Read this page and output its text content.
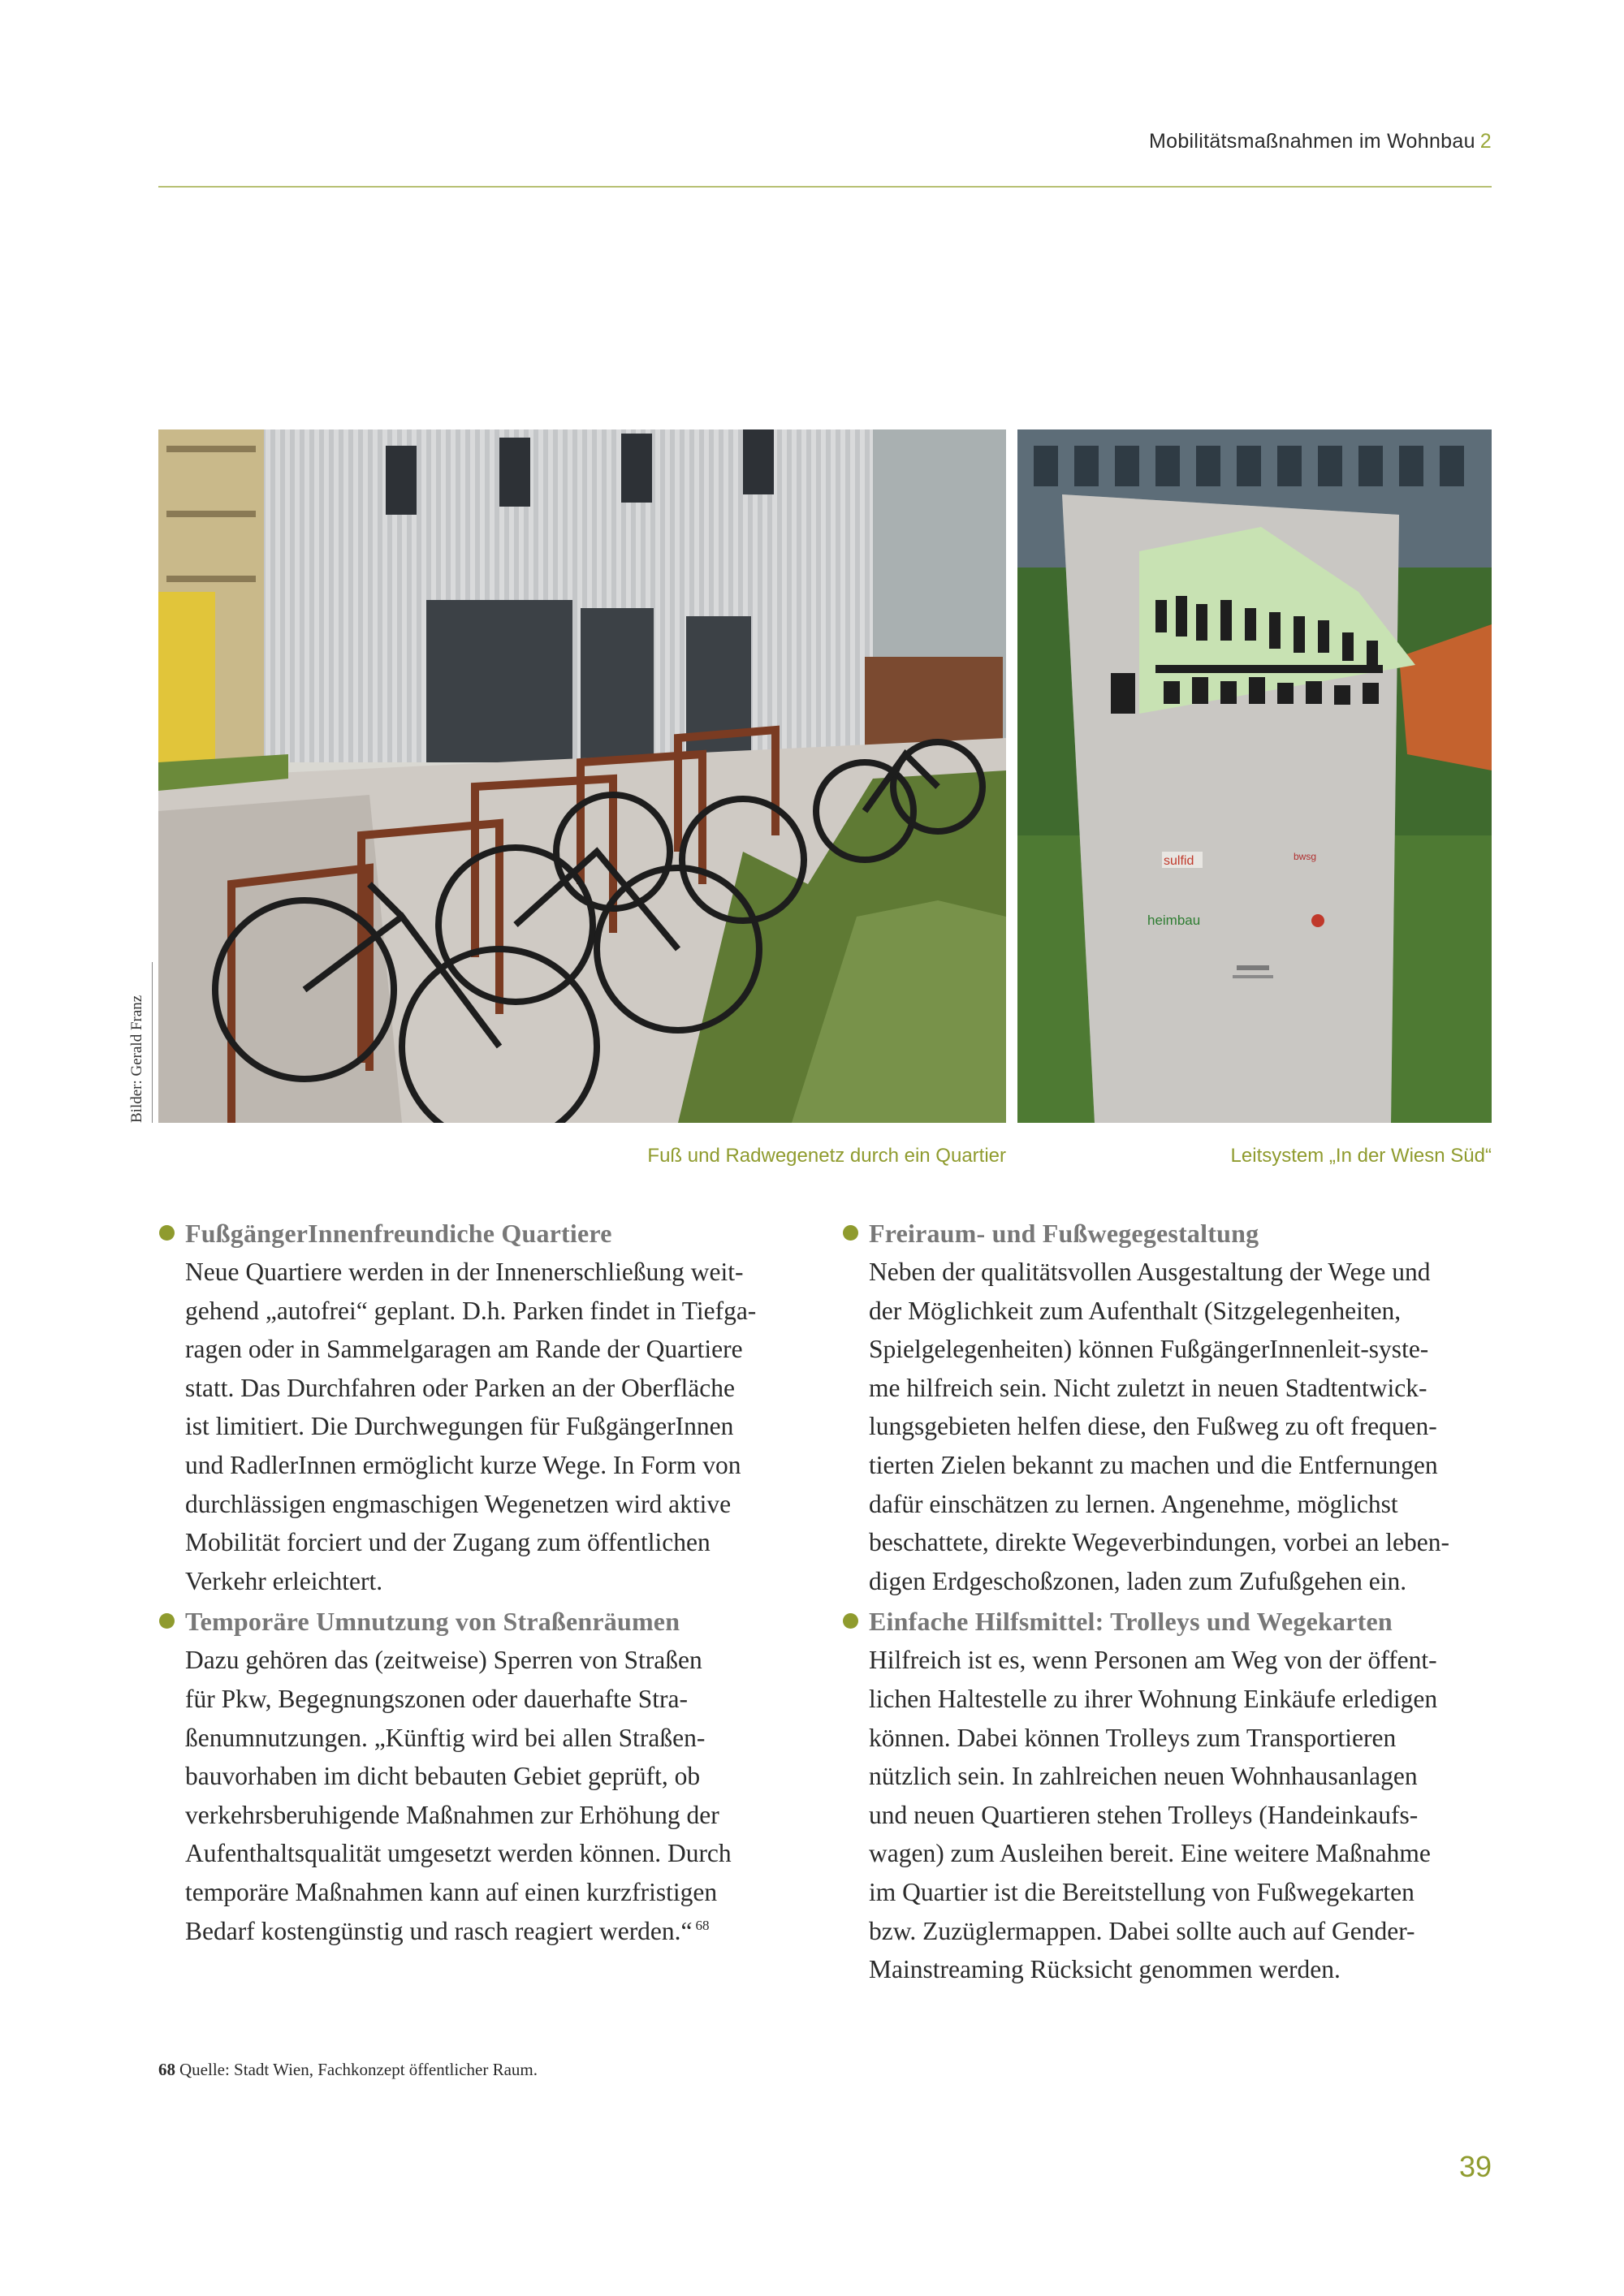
Mobilitätsmaßnahmen im Wohnbau 2
sulfid
heimbau
bwsg
Bilder: Gerald Franz
Fuß und Radwegenetz durch ein Quartier	Leitsystem „In der Wiesn Süd“
FußgängerInnenfreundiche Quartiere

Neue Quartiere werden in der Innenerschließung weit-
gehend „autofrei“ geplant. D.h. Parken findet in Tiefga-
ragen oder in Sammelgaragen am Rande der Quartiere
statt. Das Durchfahren oder Parken an der Oberfläche
ist limitiert. Die Durchwegungen für FußgängerInnen
und RadlerInnen ermöglicht kurze Wege. In Form von
durchlässigen engmaschigen Wegenetzen wird aktive
Mobilität forciert und der Zugang zum öffentlichen
Verkehr erleichtert.

Temporäre Umnutzung von Straßenräumen

Dazu gehören das (zeitweise) Sperren von Straßen
für Pkw, Begegnungszonen oder dauerhafte Stra-
ßenumnutzungen. „Künftig wird bei allen Straßen-
bauvorhaben im dicht bebauten Gebiet geprüft, ob
verkehrsberuhigende Maßnahmen zur Erhöhung der
Aufenthaltsqualität umgesetzt werden können. Durch
temporäre Maßnahmen kann auf einen kurzfristigen
Bedarf kostengünstig und rasch reagiert werden.“ $^{68}$

Freiraum- und Fußwegegestaltung

Neben der qualitätsvollen Ausgestaltung der Wege und
der Möglichkeit zum Aufenthalt (Sitzgelegenheiten,
Spielgelegenheiten) können FußgängerInnenleit-syste-
me hilfreich sein. Nicht zuletzt in neuen Stadtentwick-
lungsgebieten helfen diese, den Fußweg zu oft frequen-
tierten Zielen bekannt zu machen und die Entfernungen
dafür einschätzen zu lernen. Angenehme, möglichst
beschattete, direkte Wegeverbindungen, vorbei an leben-
digen Erdgeschoßzonen, laden zum Zufußgehen ein.

Einfache Hilfsmittel: Trolleys und Wegekarten

Hilfreich ist es, wenn Personen am Weg von der öffent-
lichen Haltestelle zu ihrer Wohnung Einkäufe erledigen
können. Dabei können Trolleys zum Transportieren
nützlich sein. In zahlreichen neuen Wohnhausanlagen
und neuen Quartieren stehen Trolleys (Handeinkaufs-
wagen) zum Ausleihen bereit. Eine weitere Maßnahme
im Quartier ist die Bereitstellung von Fußwegekarten
bzw. Zuzüglermappen. Dabei sollte auch auf Gender-
Mainstreaming Rücksicht genommen werden.

68 Quelle: Stadt Wien, Fachkonzept öffentlicher Raum.
39
